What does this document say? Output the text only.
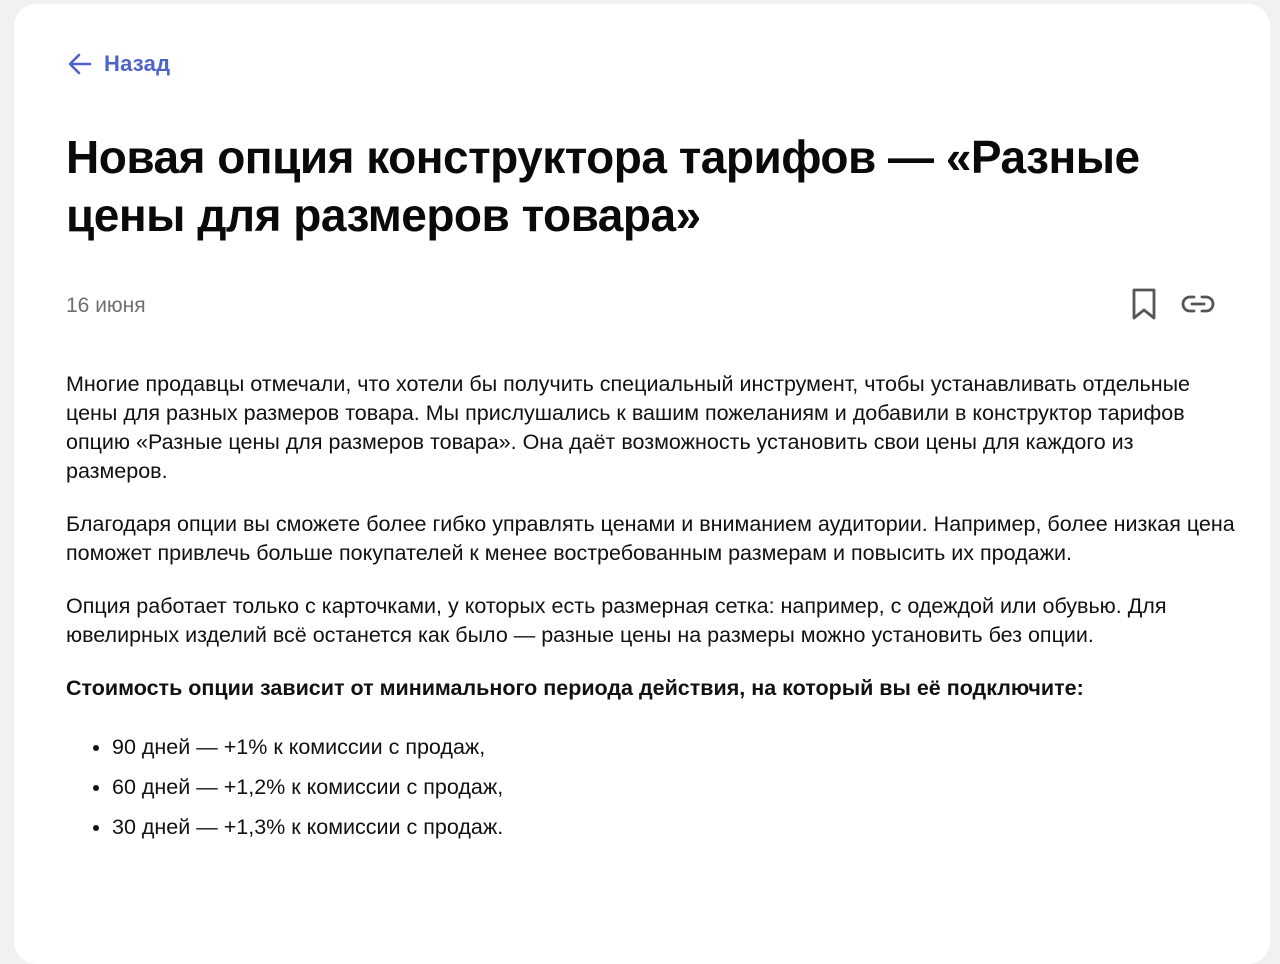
Назад
Новая опция конструктора тарифов — «Разные цены для размеров товара»
16 июня

Многие продавцы отмечали, что хотели бы получить специальный инструмент, чтобы устанавливать отдельные цены для разных размеров товара. Мы прислушались к вашим пожеланиям и добавили в конструктор тарифов опцию «Разные цены для размеров товара». Она даёт возможность установить свои цены для каждого из размеров.

Благодаря опции вы сможете более гибко управлять ценами и вниманием аудитории. Например, более низкая цена поможет привлечь больше покупателей к менее востребованным размерам и повысить их продажи.

Опция работает только с карточками, у которых есть размерная сетка: например, с одеждой или обувью. Для ювелирных изделий всё останется как было — разные цены на размеры можно установить без опции.

Стоимость опции зависит от минимального периода действия, на который вы её подключите:

• 90 дней — +1% к комиссии с продаж,
• 60 дней — +1,2% к комиссии с продаж,
• 30 дней — +1,3% к комиссии с продаж.
